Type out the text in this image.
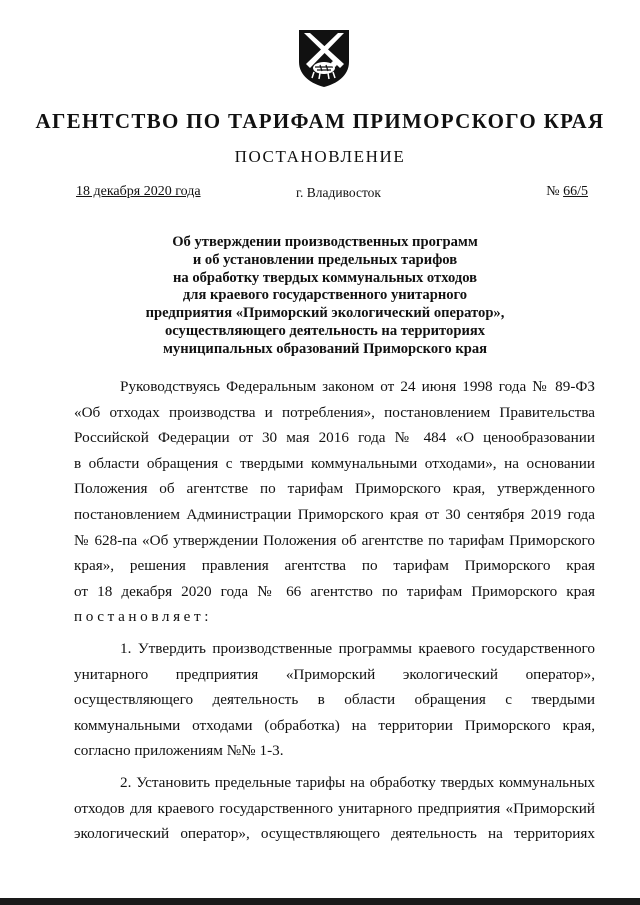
АГЕНТСТВО ПО ТАРИФАМ ПРИМОРСКОГО КРАЯ
ПОСТАНОВЛЕНИЕ
18 декабря 2020 года	г. Владивосток	№ 66/5
Об утверждении производственных программ
и об установлении предельных тарифов
на обработку твердых коммунальных отходов
для краевого государственного унитарного
предприятия «Приморский экологический оператор»,
осуществляющего деятельность на территориях
муниципальных образований Приморского края
Руководствуясь Федеральным законом от 24 июня 1998 года № 89-ФЗ
«Об отходах производства и потребления», постановлением Правительства
Российской Федерации от 30 мая 2016 года № 484 «О ценообразовании
в области обращения с твердыми коммунальными отходами», на основании
Положения об агентстве по тарифам Приморского края, утвержденного
постановлением Администрации Приморского края от 30 сентября 2019 года
№ 628-па «Об утверждении Положения об агентстве по тарифам Приморского
края», решения правления агентства по тарифам Приморского края
от 18 декабря 2020 года № 66 агентство по тарифам Приморского края
постановляет:
1. Утвердить производственные программы краевого государственного
унитарного предприятия «Приморский экологический оператор»,
осуществляющего деятельность в области обращения с твердыми
коммунальными отходами (обработка) на территории Приморского края,
согласно приложениям №№ 1-3.
2. Установить предельные тарифы на обработку твердых коммунальных
отходов для краевого государственного унитарного предприятия «Приморский
экологический оператор», осуществляющего деятельность на территориях
